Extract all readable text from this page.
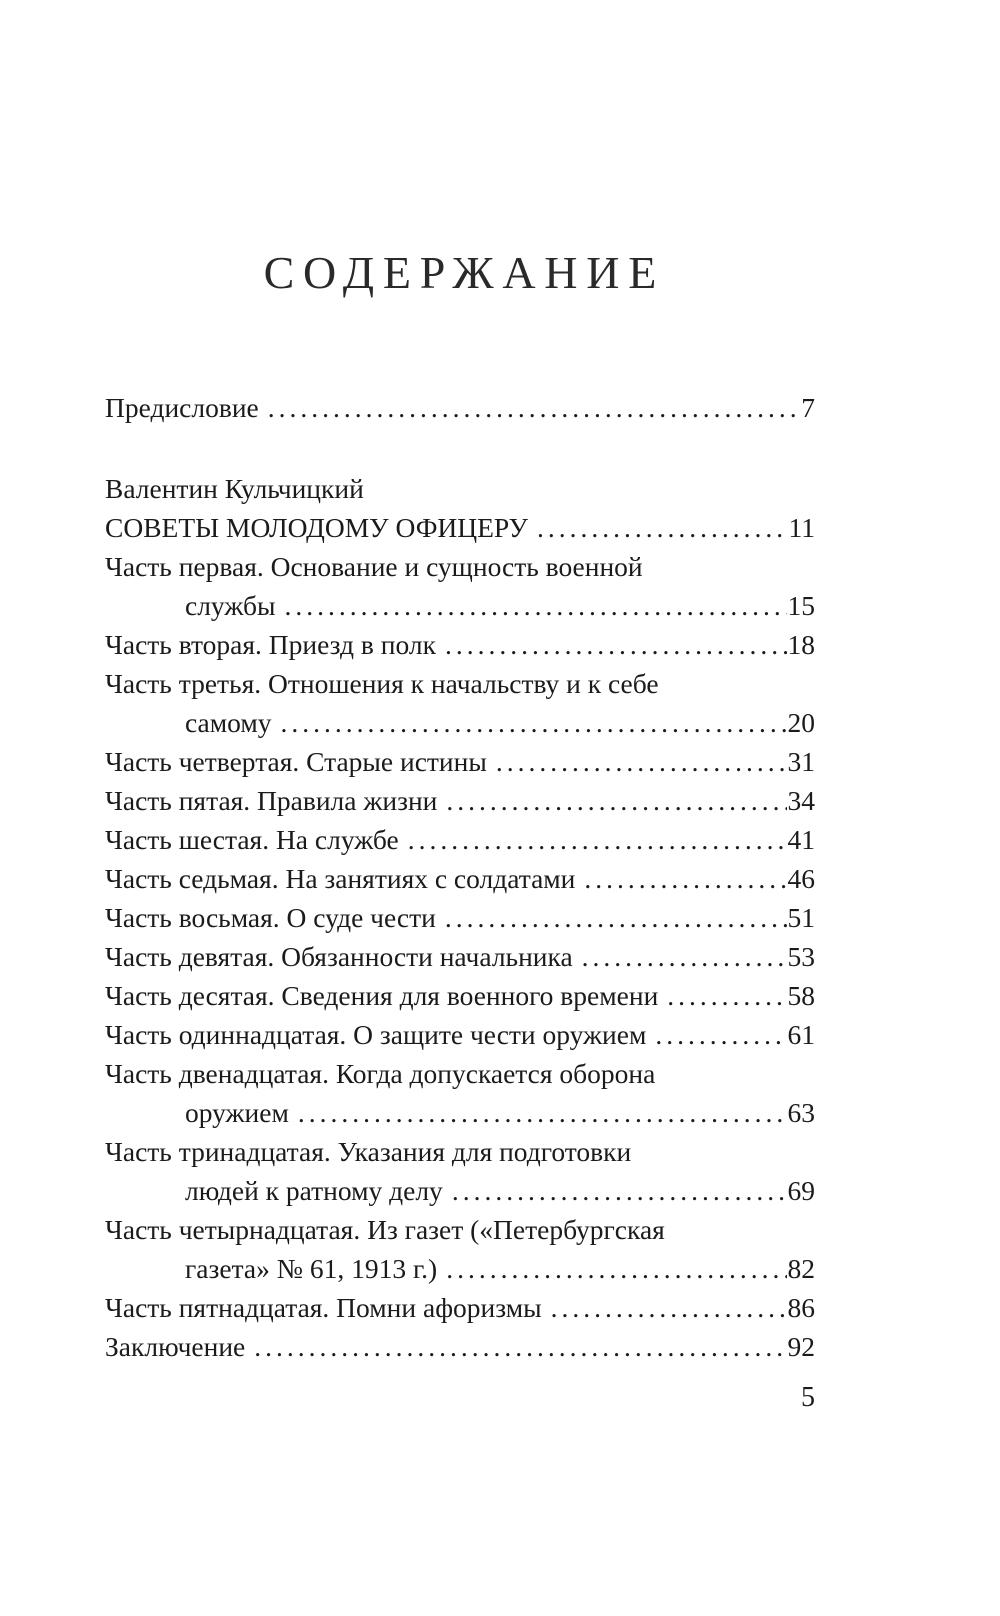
СОДЕРЖАНИЕ
Предисловие .....	7
Валентин Кульчицкий
СОВЕТЫ МОЛОДОМУ ОФИЦЕРУ .....	11
Часть первая. Основание и сущность военной
службы .....	15
Часть вторая. Приезд в полк .....	18
Часть третья. Отношения к начальству и к себе
самому .....	20
Часть четвертая. Старые истины .....	31
Часть пятая. Правила жизни .....	34
Часть шестая. На службе .....	41
Часть седьмая. На занятиях с солдатами .....	46
Часть восьмая. О суде чести .....	51
Часть девятая. Обязанности начальника .....	53
Часть десятая. Сведения для военного времени .....	58
Часть одиннадцатая. О защите чести оружием .....	61
Часть двенадцатая. Когда допускается оборона
оружием .....	63
Часть тринадцатая. Указания для подготовки
людей к ратному делу .....	69
Часть четырнадцатая. Из газет («Петербургская
газета» № 61, 1913 г.) .....	82
Часть пятнадцатая. Помни афоризмы .....	86
Заключение .....	92
5
